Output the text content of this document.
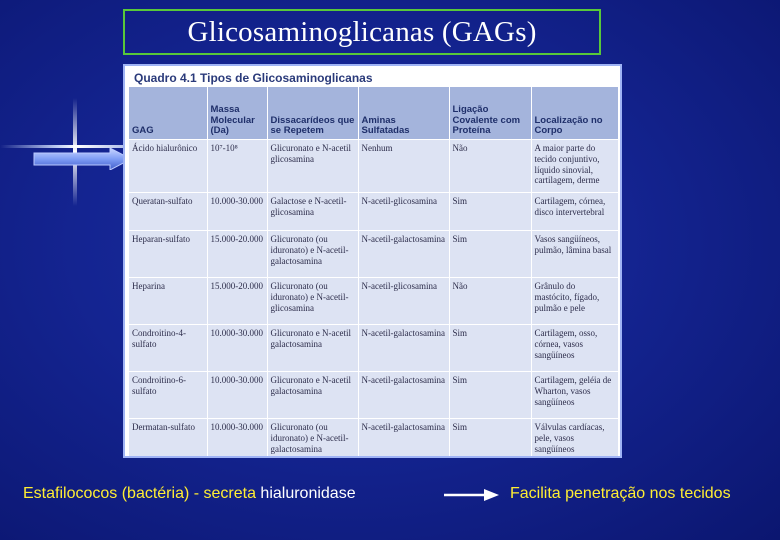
Glicosaminoglicanas (GAGs)
Quadro 4.1 Tipos de Glicosaminoglicanas
GAG	Massa Molecular (Da)	Dissacarídeos que se Repetem	Aminas Sulfatadas	Ligação Covalente com Proteína	Localização no Corpo
Ácido hialurônico	10⁷-10⁸	Glicuronato e N-acetil glicosamina	Nenhum	Não	A maior parte do tecido conjuntivo, líquido sinovial, cartilagem, derme
Queratan-sulfato	10.000-30.000	Galactose e N-acetil-glicosamina	N-acetil-glicosamina	Sim	Cartilagem, córnea, disco intervertebral
Heparan-sulfato	15.000-20.000	Glicuronato (ou iduronato) e N-acetil-galactosamina	N-acetil-galactosamina	Sim	Vasos sangüíneos, pulmão, lâmina basal
Heparina	15.000-20.000	Glicuronato (ou iduronato) e N-acetil-glicosamina	N-acetil-glicosamina	Não	Grânulo do mastócito, fígado, pulmão e pele
Condroitino-4-sulfato	10.000-30.000	Glicuronato e N-acetil galactosamina	N-acetil-galactosamina	Sim	Cartilagem, osso, córnea, vasos sangüíneos
Condroitino-6-sulfato	10.000-30.000	Glicuronato e N-acetil galactosamina	N-acetil-galactosamina	Sim	Cartilagem, geléia de Wharton, vasos sangüíneos
Dermatan-sulfato	10.000-30.000	Glicuronato (ou iduronato) e N-acetil-galactosamina	N-acetil-galactosamina	Sim	Válvulas cardíacas, pele, vasos sangüíneos
Estafilococos (bactéria) - secreta hialuronidase	Facilita penetração nos tecidos
